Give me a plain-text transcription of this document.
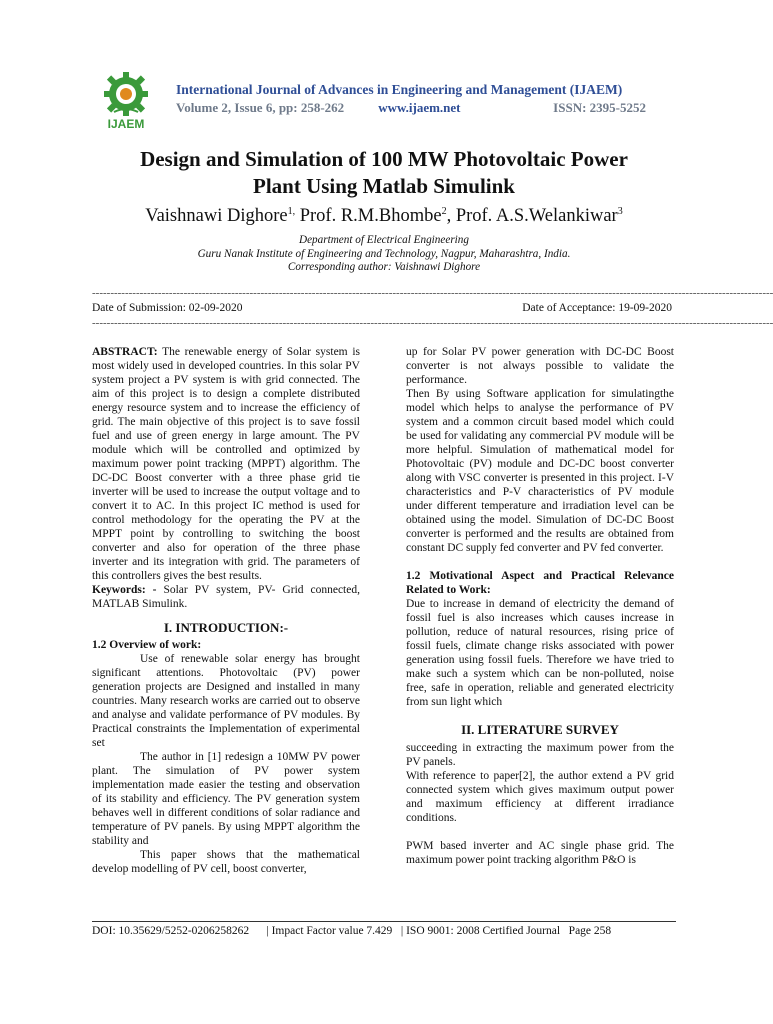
IJAEM
International Journal of Advances in Engineering and Management (IJAEM)
Volume 2, Issue 6, pp: 258-262	www.ijaem.net	ISSN: 2395-5252
Design and Simulation of 100 MW Photovoltaic Power
Plant Using Matlab Simulink
Vaishnawi Dighore$^{1,}$ Prof. R.M.Bhombe$^2$, Prof. A.S.Welankiwar$^3$
Department of Electrical Engineering
Guru Nanak Institute of Engineering and Technology, Nagpur, Maharashtra, India.
Corresponding author: Vaishnawi Dighore
------------------------------------------------------------------------------------------------------------------------------------------------------------------------------------------
Date of Submission: 02-09-2020	Date of Acceptance: 19-09-2020
------------------------------------------------------------------------------------------------------------------------------------------------------------------------------------------

ABSTRACT: The renewable energy of Solar system is most widely used in developed countries. In this solar PV system project a PV system is with grid connected. The aim of this project is to design a complete distributed energy resource system and to increase the efficiency of grid. The main objective of this project is to save fossil fuel and use of green energy in large amount. The PV module which will be controlled and optimized by maximum power point tracking (MPPT) algorithm. The DC-DC Boost converter with a three phase grid tie inverter will be used to increase the output voltage and to convert it to AC. In this project IC method is used for control methodology for the operating the PV at the MPPT point by controlling to switching the boost converter and also for operation of the three phase inverter and its integration with grid. The parameters of this controllers gives the best results.

Keywords: - Solar PV system, PV- Grid connected, MATLAB Simulink.

I. INTRODUCTION:-
1.2 Overview of work:

Use of renewable solar energy has brought significant attentions. Photovoltaic (PV) power generation projects are Designed and installed in many countries. Many research works are carried out to observe and analyse and validate performance of PV modules. By Practical constraints the Implementation of experimental set

The author in [1] redesign a 10MW PV power plant. The simulation of PV power system implementation made easier the testing and observation of its stability and efficiency. The PV generation system behaves well in different conditions of solar radiance and temperature of PV panels. By using MPPT algorithm the stability and

This paper shows that the mathematical develop modelling of PV cell, boost converter,

up for Solar PV power generation with DC-DC Boost converter is not always possible to validate the performance.

Then By using Software application for simulatingthe model which helps to analyse the performance of PV system and a common circuit based model which could be used for validating any commercial PV module will be more helpful. Simulation of mathematical model for Photovoltaic (PV) module and DC-DC boost converter along with VSC converter is presented in this project. I-V characteristics and P-V characteristics of PV module under different temperature and irradiation level can be obtained using the model. Simulation of DC-DC Boost converter is performed and the results are obtained from constant DC supply fed converter and PV fed converter.

1.2 Motivational Aspect and Practical Relevance Related to Work:

Due to increase in demand of electricity the demand of fossil fuel is also increases which causes increase in pollution, reduce of natural resources, rising price of fossil fuels, climate change risks associated with power generation using fossil fuels. Therefore we have tried to make such a system which can be non-polluted, noise free, safe in operation, reliable and generated electricity from sun light which

II. LITERATURE SURVEY

succeeding in extracting the maximum power from the PV panels.

With reference to paper[2], the author extend a PV grid connected system which gives maximum output power and maximum efficiency at different irradiance conditions.

PWM based inverter and AC single phase grid. The maximum power point tracking algorithm P&O is

DOI: 10.35629/5252-0206258262      | Impact Factor value 7.429   | ISO 9001: 2008 Certified Journal   Page 258
